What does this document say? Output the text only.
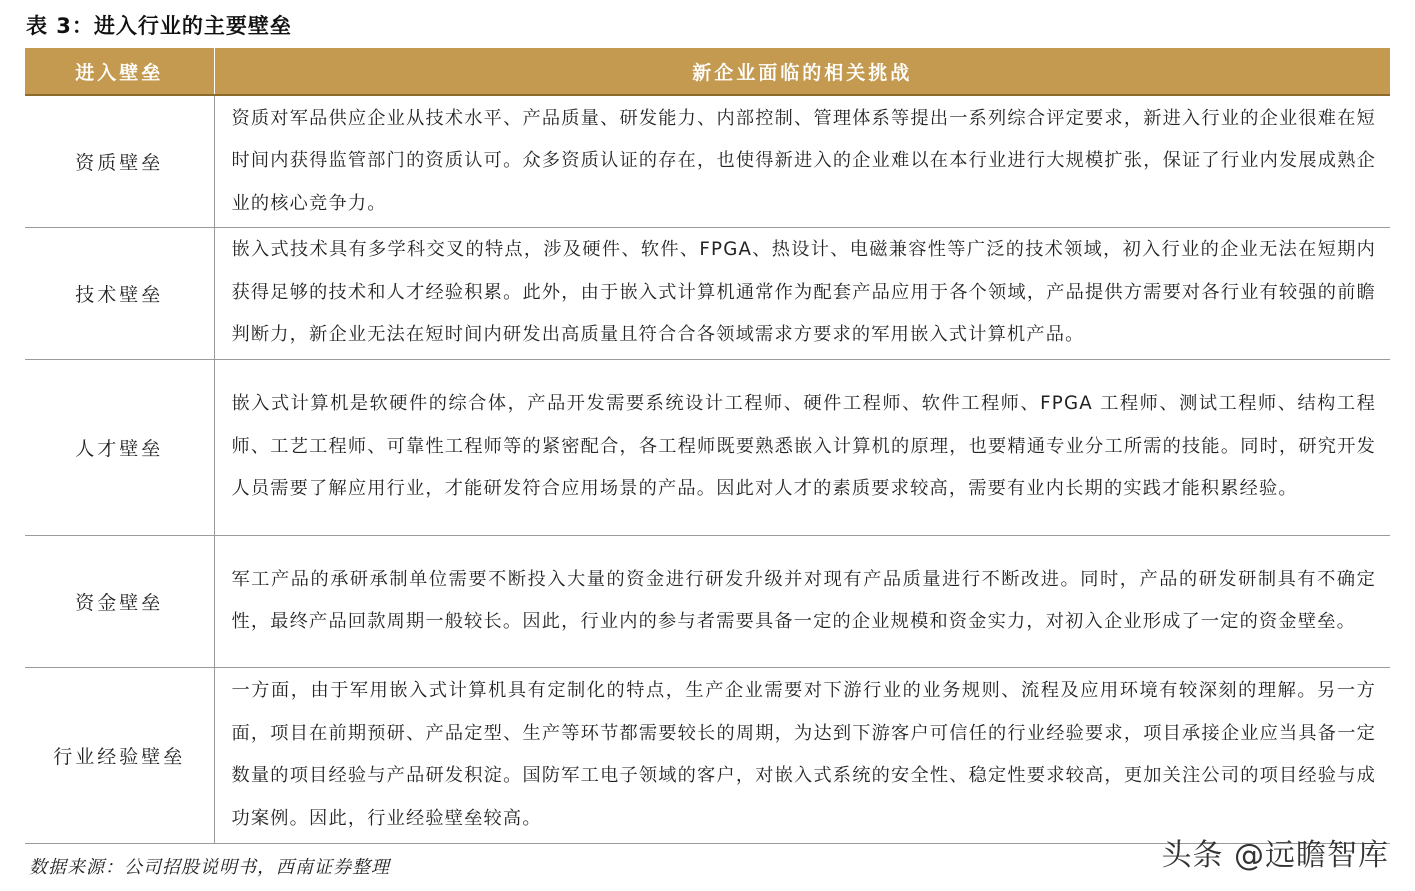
表 3：进入行业的主要壁垒
进入壁垒	新企业面临的相关挑战
资质壁垒	资质对军品供应企业从技术水平、产品质量、研发能力、内部控制、管理体系等提出一系列综合评定要求，新进入行业的企业很难在短时间内获得监管部门的资质认可。众多资质认证的存在，也使得新进入的企业难以在本行业进行大规模扩张，保证了行业内发展成熟企业的核心竞争力。
技术壁垒	嵌入式技术具有多学科交叉的特点，涉及硬件、软件、FPGA、热设计、电磁兼容性等广泛的技术领域，初入行业的企业无法在短期内获得足够的技术和人才经验积累。此外，由于嵌入式计算机通常作为配套产品应用于各个领域，产品提供方需要对各行业有较强的前瞻判断力，新企业无法在短时间内研发出高质量且符合合各领域需求方要求的军用嵌入式计算机产品。
人才壁垒	嵌入式计算机是软硬件的综合体，产品开发需要系统设计工程师、硬件工程师、软件工程师、FPGA 工程师、测试工程师、结构工程师、工艺工程师、可靠性工程师等的紧密配合，各工程师既要熟悉嵌入计算机的原理，也要精通专业分工所需的技能。同时，研究开发人员需要了解应用行业，才能研发符合应用场景的产品。因此对人才的素质要求较高，需要有业内长期的实践才能积累经验。
资金壁垒	军工产品的承研承制单位需要不断投入大量的资金进行研发升级并对现有产品质量进行不断改进。同时，产品的研发研制具有不确定性，最终产品回款周期一般较长。因此，行业内的参与者需要具备一定的企业规模和资金实力，对初入企业形成了一定的资金壁垒。
行业经验壁垒	一方面，由于军用嵌入式计算机具有定制化的特点，生产企业需要对下游行业的业务规则、流程及应用环境有较深刻的理解。另一方面，项目在前期预研、产品定型、生产等环节都需要较长的周期，为达到下游客户可信任的行业经验要求，项目承接企业应当具备一定数量的项目经验与产品研发积淀。国防军工电子领域的客户，对嵌入式系统的安全性、稳定性要求较高，更加关注公司的项目经验与成功案例。因此，行业经验壁垒较高。
数据来源：公司招股说明书，西南证券整理	头条 @远瞻智库
